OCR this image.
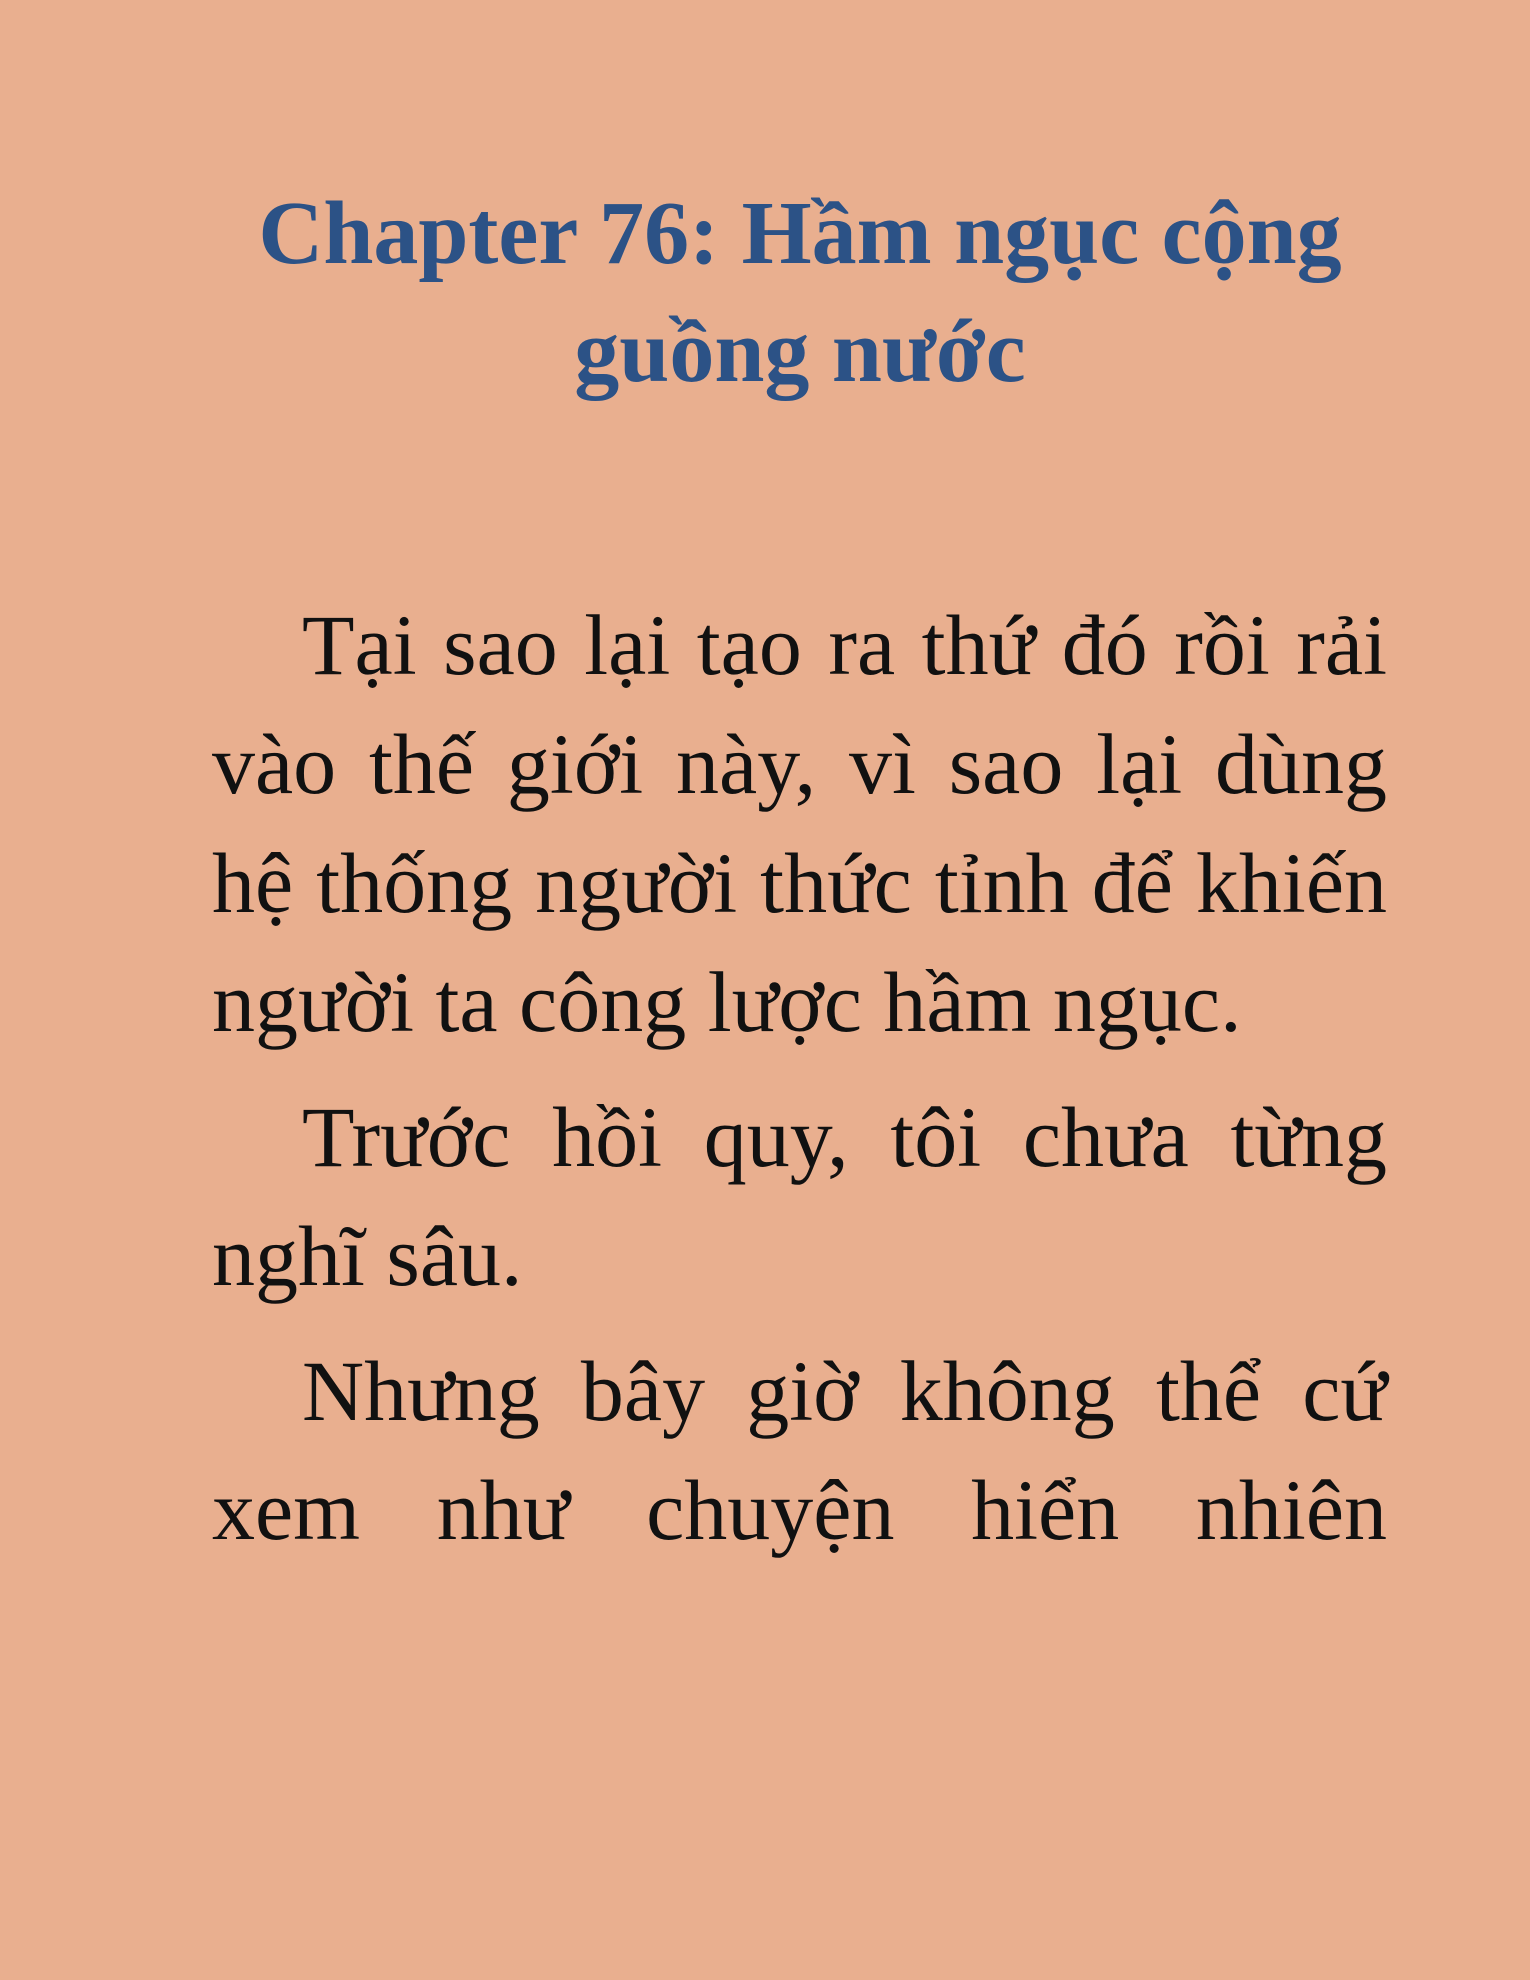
Chapter 76: Hầm ngục cộng
guồng nước

Tại sao lại tạo ra thứ đó rồi rải vào thế giới này, vì sao lại dùng hệ thống người thức tỉnh để khiến người ta công lược hầm ngục.

Trước hồi quy, tôi chưa từng nghĩ sâu.

Nhưng bây giờ không thể cứ xem như chuyện hiển nhiên
